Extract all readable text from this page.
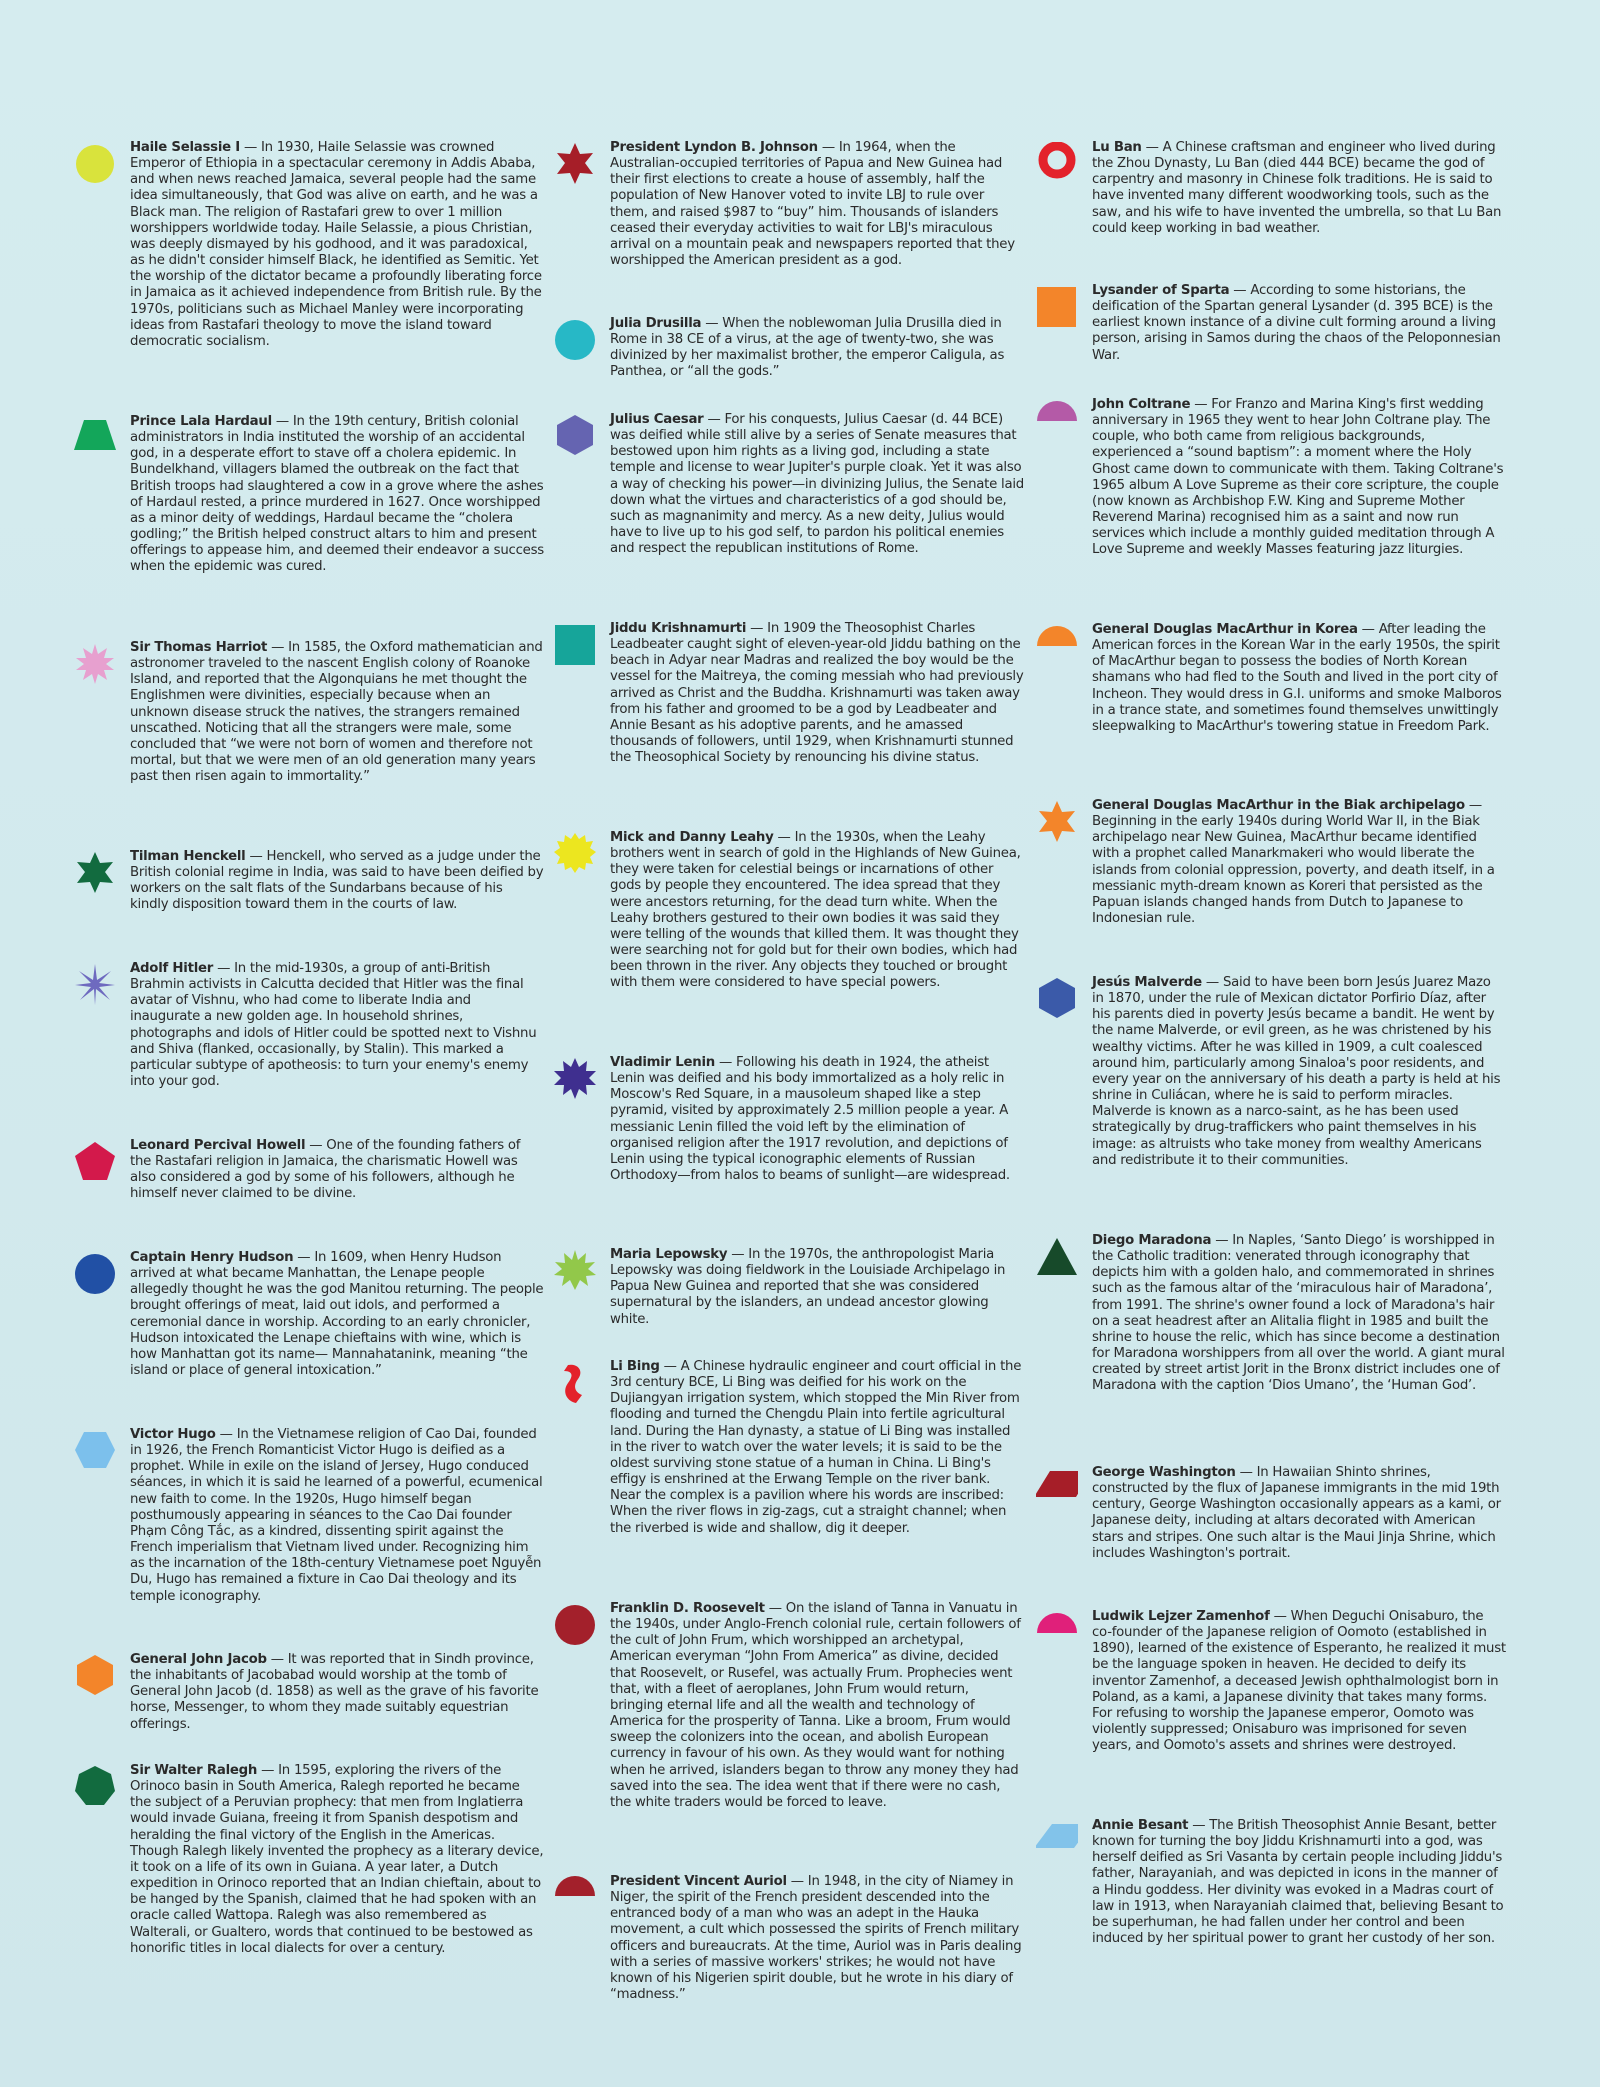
Haile Selassie I

— In 1930, Haile Selassie was crowned Emperor of Ethiopia in a spectacular ceremony in Addis Ababa, and when news reached Jamaica, several people had the same idea simultaneously, that God was alive on earth, and he was a Black man. The religion of Rastafari grew to over 1 million worshippers worldwide today. Haile Selassie, a pious Christian, was deeply dismayed by his godhood, and it was paradoxical, as he didn't consider himself Black, he identified as Semitic. Yet the worship of the dictator became a profoundly liberating force in Jamaica as it achieved independence from British rule. By the 1970s, politicians such as Michael Manley were incorporating ideas from Rastafari theology to move the island toward democratic socialism.

Prince Lala Hardaul

— In the 19th century, British colonial administrators in India instituted the worship of an accidental god, in a desperate effort to stave off a cholera epidemic. In Bundelkhand, villagers blamed the outbreak on the fact that British troops had slaughtered a cow in a grove where the ashes of Hardaul rested, a prince murdered in 1627. Once worshipped as a minor deity of weddings, Hardaul became the “cholera godling;” the British helped construct altars to him and present offerings to appease him, and deemed their endeavor a success when the epidemic was cured.

Sir Thomas Harriot

— In 1585, the Oxford mathematician and astronomer traveled to the nascent English colony of Roanoke Island, and reported that the Algonquians he met thought the Englishmen were divinities, especially because when an unknown disease struck the natives, the strangers remained unscathed. Noticing that all the strangers were male, some concluded that “we were not born of women and therefore not mortal, but that we were men of an old generation many years past then risen again to immortality.”

Tilman Henckell

— Henckell, who served as a judge under the British colonial regime in India, was said to have been deified by workers on the salt flats of the Sundarbans because of his kindly disposition toward them in the courts of law.

Adolf Hitler

— In the mid-1930s, a group of anti-British Brahmin activists in Calcutta decided that Hitler was the final avatar of Vishnu, who had come to liberate India and inaugurate a new golden age. In household shrines, photographs and idols of Hitler could be spotted next to Vishnu and Shiva (flanked, occasionally, by Stalin). This marked a particular subtype of apotheosis: to turn your enemy's enemy into your god.

Leonard Percival Howell

— One of the founding fathers of the Rastafari religion in Jamaica, the charismatic Howell was also considered a god by some of his followers, although he himself never claimed to be divine.

Captain Henry Hudson

— In 1609, when Henry Hudson arrived at what became Manhattan, the Lenape people allegedly thought he was the god Manitou returning. The people brought offerings of meat, laid out idols, and performed a ceremonial dance in worship. According to an early chronicler, Hudson intoxicated the Lenape chieftains with wine, which is how Manhattan got its name— Mannahatanink, meaning “the island or place of general intoxication.”

Victor Hugo

— In the Vietnamese religion of Cao Dai, founded in 1926, the French Romanticist Victor Hugo is deified as a prophet. While in exile on the island of Jersey, Hugo conduced séances, in which it is said he learned of a powerful, ecumenical new faith to come. In the 1920s, Hugo himself began posthumously appearing in séances to the Cao Dai founder Phạm Công Tắc, as a kindred, dissenting spirit against the French imperialism that Vietnam lived under. Recognizing him as the incarnation of the 18th-century Vietnamese poet Nguyễn Du, Hugo has remained a fixture in Cao Dai theology and its temple iconography.

General John Jacob

— It was reported that in Sindh province, the inhabitants of Jacobabad would worship at the tomb of General John Jacob (d. 1858) as well as the grave of his favorite horse, Messenger, to whom they made suitably equestrian offerings.

Sir Walter Ralegh

— In 1595, exploring the rivers of the Orinoco basin in South America, Ralegh reported he became the subject of a Peruvian prophecy: that men from Inglatierra would invade Guiana, freeing it from Spanish despotism and heralding the final victory of the English in the Americas. Though Ralegh likely invented the prophecy as a literary device, it took on a life of its own in Guiana. A year later, a Dutch expedition in Orinoco reported that an Indian chieftain, about to be hanged by the Spanish, claimed that he had spoken with an oracle called Wattopa. Ralegh was also remembered as Walterali, or Gualtero, words that continued to be bestowed as honorific titles in local dialects for over a century.

President Lyndon B. Johnson

— In 1964, when the Australian-occupied territories of Papua and New Guinea had their first elections to create a house of assembly, half the population of New Hanover voted to invite LBJ to rule over them, and raised $987 to “buy” him. Thousands of islanders ceased their everyday activities to wait for LBJ's miraculous arrival on a mountain peak and newspapers reported that they worshipped the American president as a god.

Julia Drusilla

— When the noblewoman Julia Drusilla died in Rome in 38 CE of a virus, at the age of twenty-two, she was divinized by her maximalist brother, the emperor Caligula, as Panthea, or “all the gods.”

Julius Caesar

— For his conquests, Julius Caesar (d. 44 BCE) was deified while still alive by a series of Senate measures that bestowed upon him rights as a living god, including a state temple and license to wear Jupiter's purple cloak. Yet it was also a way of checking his power—in divinizing Julius, the Senate laid down what the virtues and characteristics of a god should be, such as magnanimity and mercy. As a new deity, Julius would have to live up to his god self, to pardon his political enemies and respect the republican institutions of Rome.

Jiddu Krishnamurti

— In 1909 the Theosophist Charles Leadbeater caught sight of eleven-year-old Jiddu bathing on the beach in Adyar near Madras and realized the boy would be the vessel for the Maitreya, the coming messiah who had previously arrived as Christ and the Buddha. Krishnamurti was taken away from his father and groomed to be a god by Leadbeater and Annie Besant as his adoptive parents, and he amassed thousands of followers, until 1929, when Krishnamurti stunned the Theosophical Society by renouncing his divine status.

Mick and Danny Leahy

— In the 1930s, when the Leahy brothers went in search of gold in the Highlands of New Guinea, they were taken for celestial beings or incarnations of other gods by people they encountered. The idea spread that they were ancestors returning, for the dead turn white. When the Leahy brothers gestured to their own bodies it was said they were telling of the wounds that killed them. It was thought they were searching not for gold but for their own bodies, which had been thrown in the river. Any objects they touched or brought with them were considered to have special powers.

Vladimir Lenin

— Following his death in 1924, the atheist Lenin was deified and his body immortalized as a holy relic in Moscow's Red Square, in a mausoleum shaped like a step pyramid, visited by approximately 2.5 million people a year. A messianic Lenin filled the void left by the elimination of organised religion after the 1917 revolution, and depictions of Lenin using the typical iconographic elements of Russian Orthodoxy—from halos to beams of sunlight—are widespread.

Maria Lepowsky

— In the 1970s, the anthropologist Maria Lepowsky was doing fieldwork in the Louisiade Archipelago in Papua New Guinea and reported that she was considered supernatural by the islanders, an undead ancestor glowing white.

Li Bing

— A Chinese hydraulic engineer and court official in the 3rd century BCE, Li Bing was deified for his work on the Dujiangyan irrigation system, which stopped the Min River from flooding and turned the Chengdu Plain into fertile agricultural land. During the Han dynasty, a statue of Li Bing was installed in the river to watch over the water levels; it is said to be the oldest surviving stone statue of a human in China. Li Bing's effigy is enshrined at the Erwang Temple on the river bank. Near the complex is a pavilion where his words are inscribed: When the river flows in zig-zags, cut a straight channel; when the riverbed is wide and shallow, dig it deeper.

Franklin D. Roosevelt

— On the island of Tanna in Vanuatu in the 1940s, under Anglo-French colonial rule, certain followers of the cult of John Frum, which worshipped an archetypal, American everyman “John From America” as divine, decided that Roosevelt, or Rusefel, was actually Frum. Prophecies went that, with a fleet of aeroplanes, John Frum would return, bringing eternal life and all the wealth and technology of America for the prosperity of Tanna. Like a broom, Frum would sweep the colonizers into the ocean, and abolish European currency in favour of his own. As they would want for nothing when he arrived, islanders began to throw any money they had saved into the sea. The idea went that if there were no cash, the white traders would be forced to leave.

President Vincent Auriol

— In 1948, in the city of Niamey in Niger, the spirit of the French president descended into the entranced body of a man who was an adept in the Hauka movement, a cult which possessed the spirits of French military officers and bureaucrats. At the time, Auriol was in Paris dealing with a series of massive workers' strikes; he would not have known of his Nigerien spirit double, but he wrote in his diary of “madness.”

Lu Ban

— A Chinese craftsman and engineer who lived during the Zhou Dynasty, Lu Ban (died 444 BCE) became the god of carpentry and masonry in Chinese folk traditions. He is said to have invented many different woodworking tools, such as the saw, and his wife to have invented the umbrella, so that Lu Ban could keep working in bad weather.

Lysander of Sparta

— According to some historians, the deification of the Spartan general Lysander (d. 395 BCE) is the earliest known instance of a divine cult forming around a living person, arising in Samos during the chaos of the Peloponnesian War.

John Coltrane

— For Franzo and Marina King's first wedding anniversary in 1965 they went to hear John Coltrane play. The couple, who both came from religious backgrounds, experienced a “sound baptism”: a moment where the Holy Ghost came down to communicate with them. Taking Coltrane's 1965 album A Love Supreme as their core scripture, the couple (now known as Archbishop F.W. King and Supreme Mother Reverend Marina) recognised him as a saint and now run services which include a monthly guided meditation through A Love Supreme and weekly Masses featuring jazz liturgies.

General Douglas MacArthur in Korea

— After leading the American forces in the Korean War in the early 1950s, the spirit of MacArthur began to possess the bodies of North Korean shamans who had fled to the South and lived in the port city of Incheon. They would dress in G.I. uniforms and smoke Malboros in a trance state, and sometimes found themselves unwittingly sleepwalking to MacArthur's towering statue in Freedom Park.

General Douglas MacArthur in the Biak archipelago

— Beginning in the early 1940s during World War II, in the Biak archipelago near New Guinea, MacArthur became identified with a prophet called Manarkmakeri who would liberate the islands from colonial oppression, poverty, and death itself, in a messianic myth-dream known as Koreri that persisted as the Papuan islands changed hands from Dutch to Japanese to Indonesian rule.

Jesús Malverde

— Said to have been born Jesús Juarez Mazo in 1870, under the rule of Mexican dictator Porfirio Díaz, after his parents died in poverty Jesús became a bandit. He went by the name Malverde, or evil green, as he was christened by his wealthy victims. After he was killed in 1909, a cult coalesced around him, particularly among Sinaloa's poor residents, and every year on the anniversary of his death a party is held at his shrine in Culiácan, where he is said to perform miracles. Malverde is known as a narco-saint, as he has been used strategically by drug-traffickers who paint themselves in his image: as altruists who take money from wealthy Americans and redistribute it to their communities.

Diego Maradona

— In Naples, ‘Santo Diego’ is worshipped in the Catholic tradition: venerated through iconography that depicts him with a golden halo, and commemorated in shrines such as the famous altar of the ‘miraculous hair of Maradona’, from 1991. The shrine's owner found a lock of Maradona's hair on a seat headrest after an Alitalia flight in 1985 and built the shrine to house the relic, which has since become a destination for Maradona worshippers from all over the world. A giant mural created by street artist Jorit in the Bronx district includes one of Maradona with the caption ‘Dios Umano’, the ‘Human God’.

George Washington

— In Hawaiian Shinto shrines, constructed by the flux of Japanese immigrants in the mid 19th century, George Washington occasionally appears as a kami, or Japanese deity, including at altars decorated with American stars and stripes. One such altar is the Maui Jinja Shrine, which includes Washington's portrait.

Ludwik Lejzer Zamenhof

— When Deguchi Onisaburo, the co-founder of the Japanese religion of Oomoto (established in 1890), learned of the existence of Esperanto, he realized it must be the language spoken in heaven. He decided to deify its inventor Zamenhof, a deceased Jewish ophthalmologist born in Poland, as a kami, a Japanese divinity that takes many forms. For refusing to worship the Japanese emperor, Oomoto was violently suppressed; Onisaburo was imprisoned for seven years, and Oomoto's assets and shrines were destroyed.

Annie Besant

— The British Theosophist Annie Besant, better known for turning the boy Jiddu Krishnamurti into a god, was herself deified as Sri Vasanta by certain people including Jiddu's father, Narayaniah, and was depicted in icons in the manner of a Hindu goddess. Her divinity was evoked in a Madras court of law in 1913, when Narayaniah claimed that, believing Besant to be superhuman, he had fallen under her control and been induced by her spiritual power to grant her custody of her son.
